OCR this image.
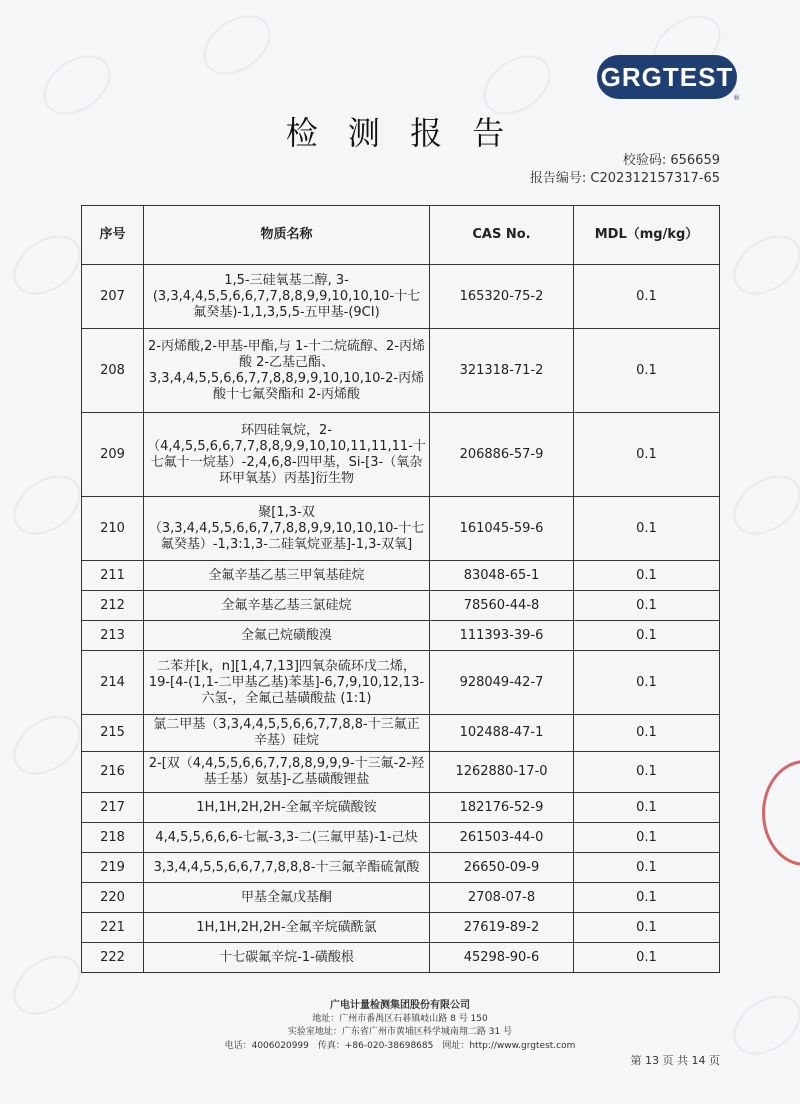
GRGTEST
®
检 测 报 告
校验码: 656659
报告编号: C202312157317-65
序号	物质名称	CAS No.	MDL（mg/kg）
207	1,5-三硅氧基二醇, 3-(3,3,4,4,5,5,6,6,7,7,8,8,9,9,10,10,10-十七氟癸基)-1,1,3,5,5-五甲基-(9CI)	165320-75-2	0.1
208	2-丙烯酸,2-甲基-甲酯,与 1-十二烷硫醇、2-丙烯酸 2-乙基己酯、3,3,4,4,5,5,6,6,7,7,8,8,9,9,10,10,10-2-丙烯酸十七氟癸酯和 2-丙烯酸	321318-71-2	0.1
209	环四硅氧烷，2-（4,4,5,5,6,6,7,7,8,8,9,9,10,10,11,11,11-十七氟十一烷基）-2,4,6,8-四甲基，Si-[3-（氧杂环甲氧基）丙基]衍生物	206886-57-9	0.1
210	聚[1,3-双（3,3,4,4,5,5,6,6,7,7,8,8,9,9,10,10,10-十七氟癸基）-1,3:1,3-二硅氧烷亚基]-1,3-双氧]	161045-59-6	0.1
211	全氟辛基乙基三甲氧基硅烷	83048-65-1	0.1
212	全氟辛基乙基三氯硅烷	78560-44-8	0.1
213	全氟己烷磺酸溴	111393-39-6	0.1
214	二苯并[k，n][1,4,7,13]四氧杂硫环戊二烯，19-[4-(1,1-二甲基乙基)苯基]-6,7,9,10,12,13-六氢-，全氟己基磺酸盐 (1:1)	928049-42-7	0.1
215	氯二甲基（3,3,4,4,5,5,6,6,7,7,8,8-十三氟正辛基）硅烷	102488-47-1	0.1
216	2-[双（4,4,5,5,6,6,7,7,8,8,9,9,9-十三氟-2-羟基壬基）氨基]-乙基磺酸锂盐	1262880-17-0	0.1
217	1H,1H,2H,2H-全氟辛烷磺酸铵	182176-52-9	0.1
218	4,4,5,5,6,6,6-七氟-3,3-二(三氟甲基)-1-己炔	261503-44-0	0.1
219	3,3,4,4,5,5,6,6,7,7,8,8,8-十三氟辛酯硫氰酸	26650-09-9	0.1
220	甲基全氟戊基酮	2708-07-8	0.1
221	1H,1H,2H,2H-全氟辛烷磺酰氯	27619-89-2	0.1
222	十七碳氟辛烷-1-磺酸根	45298-90-6	0.1
广电计量检测集团股份有限公司
地址：广州市番禺区石碁镇岐山路 8 号 150
实验室地址：广东省广州市黄埔区科学城南翔二路 31 号
电话：4006020999　传真：+86-020-38698685　网址：http://www.grgtest.com
第 13 页 共 14 页
